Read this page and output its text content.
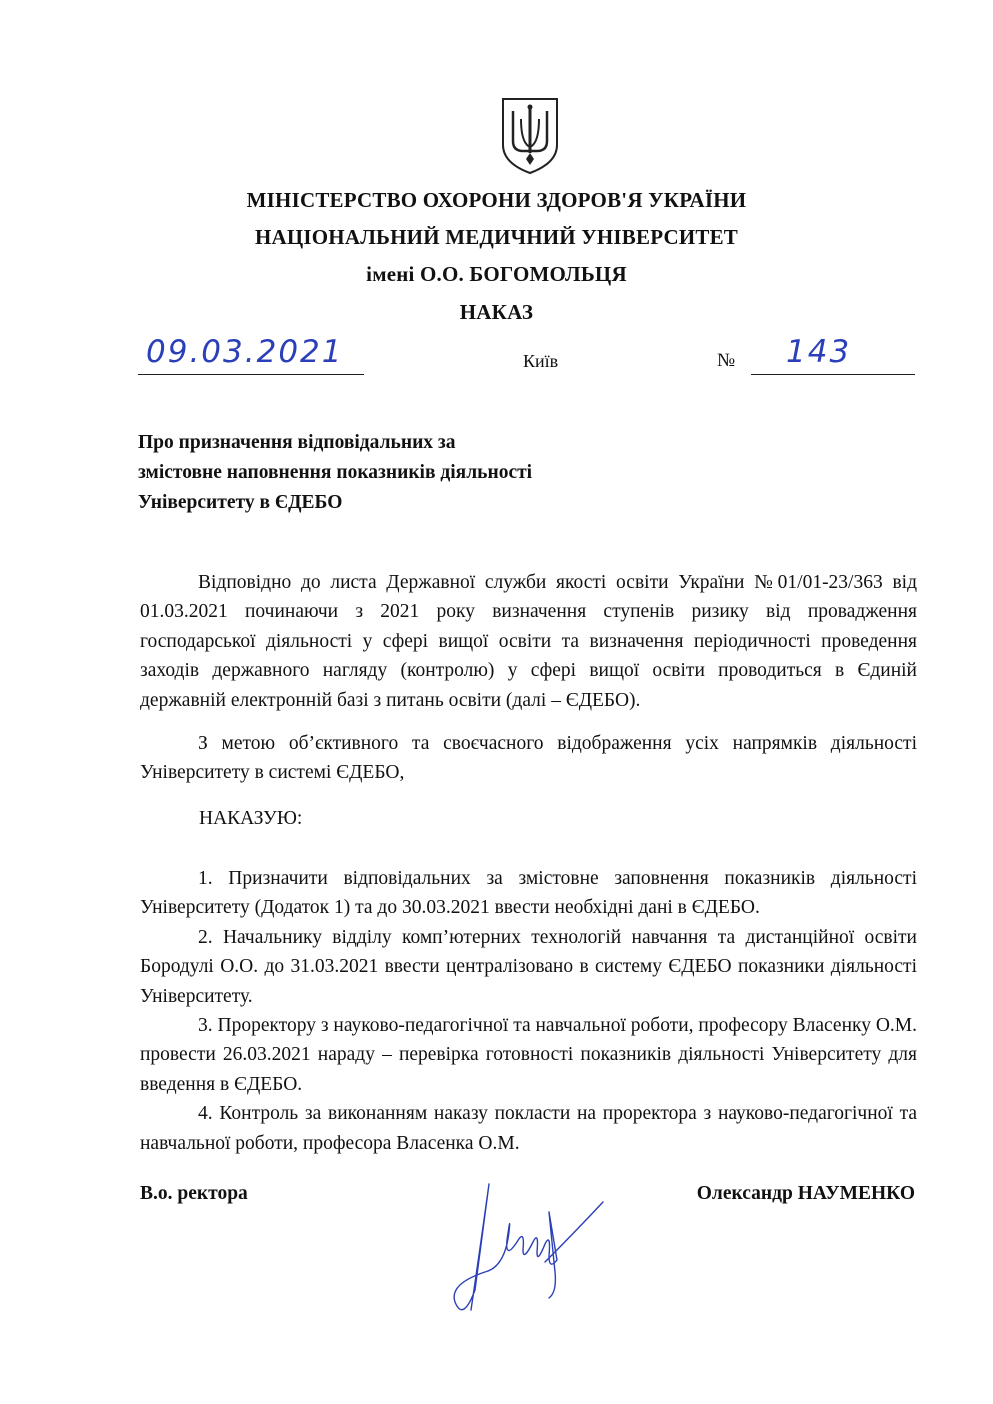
МІНІСТЕРСТВО ОХОРОНИ ЗДОРОВ'Я УКРАЇНИ
НАЦІОНАЛЬНИЙ МЕДИЧНИЙ УНІВЕРСИТЕТ
імені О.О. БОГОМОЛЬЦЯ
НАКАЗ
09.03.2021	Київ	№ 143
Про призначення відповідальних за
змістовне наповнення показників діяльності
Університету в ЄДЕБО

Відповідно до листа Державної служби якості освіти України №01/01-23/363 від 01.03.2021 починаючи з 2021 року визначення ступенів ризику від провадження господарської діяльності у сфері вищої освіти та визначення періодичності проведення заходів державного нагляду (контролю) у сфері вищої освіти проводиться в Єдиній державній електронній базі з питань освіти (далі – ЄДЕБО).

З метою об’єктивного та своєчасного відображення усіх напрямків діяльності Університету в системі ЄДЕБО,

НАКАЗУЮ:

1. Призначити відповідальних за змістовне заповнення показників діяльності Університету (Додаток 1) та до 30.03.2021 ввести необхідні дані в ЄДЕБО.

2. Начальнику відділу комп’ютерних технологій навчання та дистанційної освіти Бородулі О.О. до 31.03.2021 ввести централізовано в систему ЄДЕБО показники діяльності Університету.

3. Проректору з науково-педагогічної та навчальної роботи, професору Власенку О.М. провести 26.03.2021 нараду – перевірка готовності показників діяльності Університету для введення в ЄДЕБО.

4. Контроль за виконанням наказу покласти на проректора з науково-педагогічної та навчальної роботи, професора Власенка О.М.

В.о. ректора	Олександр НАУМЕНКО
